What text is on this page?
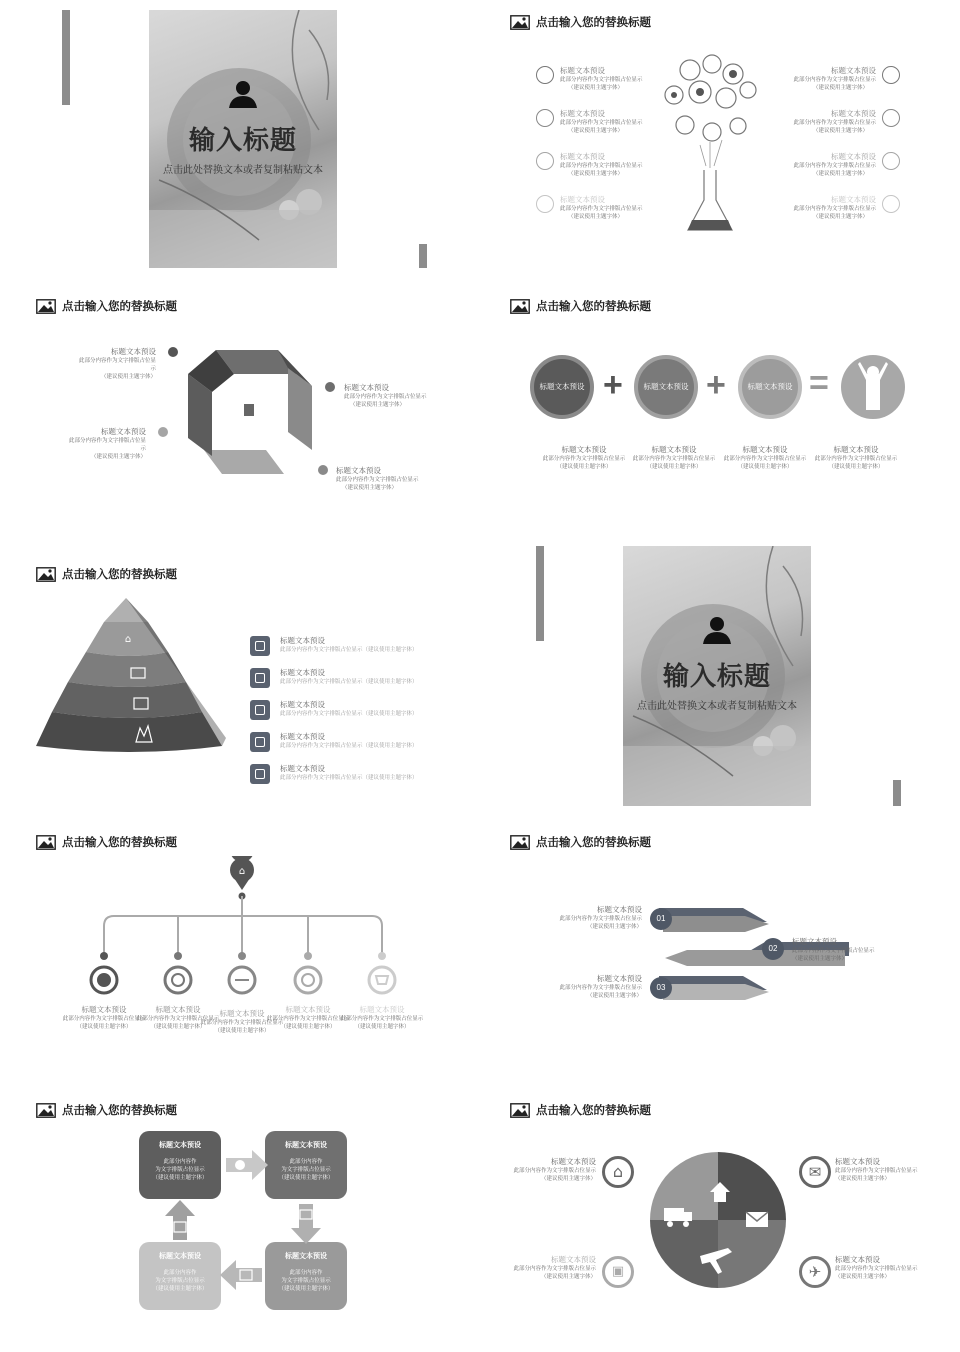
输入标题
点击此处替换文本或者复制粘贴文本
点击输入您的替换标题
标题文本预设
此部分内容作为文字排版占位显示
（建议使用主题字体）
标题文本预设
此部分内容作为文字排版占位显示
（建议使用主题字体）
标题文本预设
此部分内容作为文字排版占位显示
（建议使用主题字体）
标题文本预设
此部分内容作为文字排版占位显示
（建议使用主题字体）
标题文本预设
此部分内容作为文字排版占位显示
（建议使用主题字体）
标题文本预设
此部分内容作为文字排版占位显示
（建议使用主题字体）
标题文本预设
此部分内容作为文字排版占位显示
（建议使用主题字体）
标题文本预设
此部分内容作为文字排版占位显示
（建议使用主题字体）
点击输入您的替换标题
标题文本预设
此部分内容作为文字排版占位显
示
（建议使用主题字体）
标题文本预设
此部分内容作为文字排版占位显
示
（建议使用主题字体）
标题文本预设
此部分内容作为文字排版占位显示
（建议使用主题字体）
标题文本预设
此部分内容作为文字排版占位显示
（建议使用主题字体）
点击输入您的替换标题
标题文本预设 +	标题文本预设 +	标题文本预设 =
标题文本预设
此部分内容作为文字排版占位显示
（建议使用主题字体）
标题文本预设
此部分内容作为文字排版占位显示
（建议使用主题字体）
标题文本预设
此部分内容作为文字排版占位显示
（建议使用主题字体）
标题文本预设
此部分内容作为文字排版占位显示
（建议使用主题字体）
点击输入您的替换标题
⌂	标题文本预设
此部分内容作为文字排版占位显示（建议使用主题字体）
标题文本预设
此部分内容作为文字排版占位显示（建议使用主题字体）
标题文本预设
此部分内容作为文字排版占位显示（建议使用主题字体）
标题文本预设
此部分内容作为文字排版占位显示（建议使用主题字体）
标题文本预设
此部分内容作为文字排版占位显示（建议使用主题字体）
输入标题
点击此处替换文本或者复制粘贴文本
点击输入您的替换标题
⌂
标题文本预设
此部分内容作为文字排版占位显示
（建议使用主题字体）
标题文本预设
此部分内容作为文字排版占位显示
（建议使用主题字体）
标题文本预设
此部分内容作为文字排版占位显示
（建议使用主题字体）
标题文本预设
此部分内容作为文字排版占位显示
（建议使用主题字体）
标题文本预设
此部分内容作为文字排版占位显示
（建议使用主题字体）
点击输入您的替换标题
01
02
03
标题文本预设
此部分内容作为文字排版占位显示
（建议使用主题字体）
标题文本预设
此部分内容作为文字排版占位显示
（建议使用主题字体）
标题文本预设
此部分内容作为文字排版占位显示
（建议使用主题字体）
点击输入您的替换标题
标题文本预设
此部分内容作
为文字排版占位显示
（建议使用主题字体）
标题文本预设
此部分内容作
为文字排版占位显示
（建议使用主题字体）
标题文本预设
此部分内容作
为文字排版占位显示
（建议使用主题字体）
标题文本预设
此部分内容作
为文字排版占位显示
（建议使用主题字体）
点击输入您的替换标题
⌂	✉
▣	✈
标题文本预设
此部分内容作为文字排版占位显示
（建议使用主题字体）
标题文本预设
此部分内容作为文字排版占位显示
（建议使用主题字体）
标题文本预设
此部分内容作为文字排版占位显示
（建议使用主题字体）
标题文本预设
此部分内容作为文字排版占位显示
（建议使用主题字体）
